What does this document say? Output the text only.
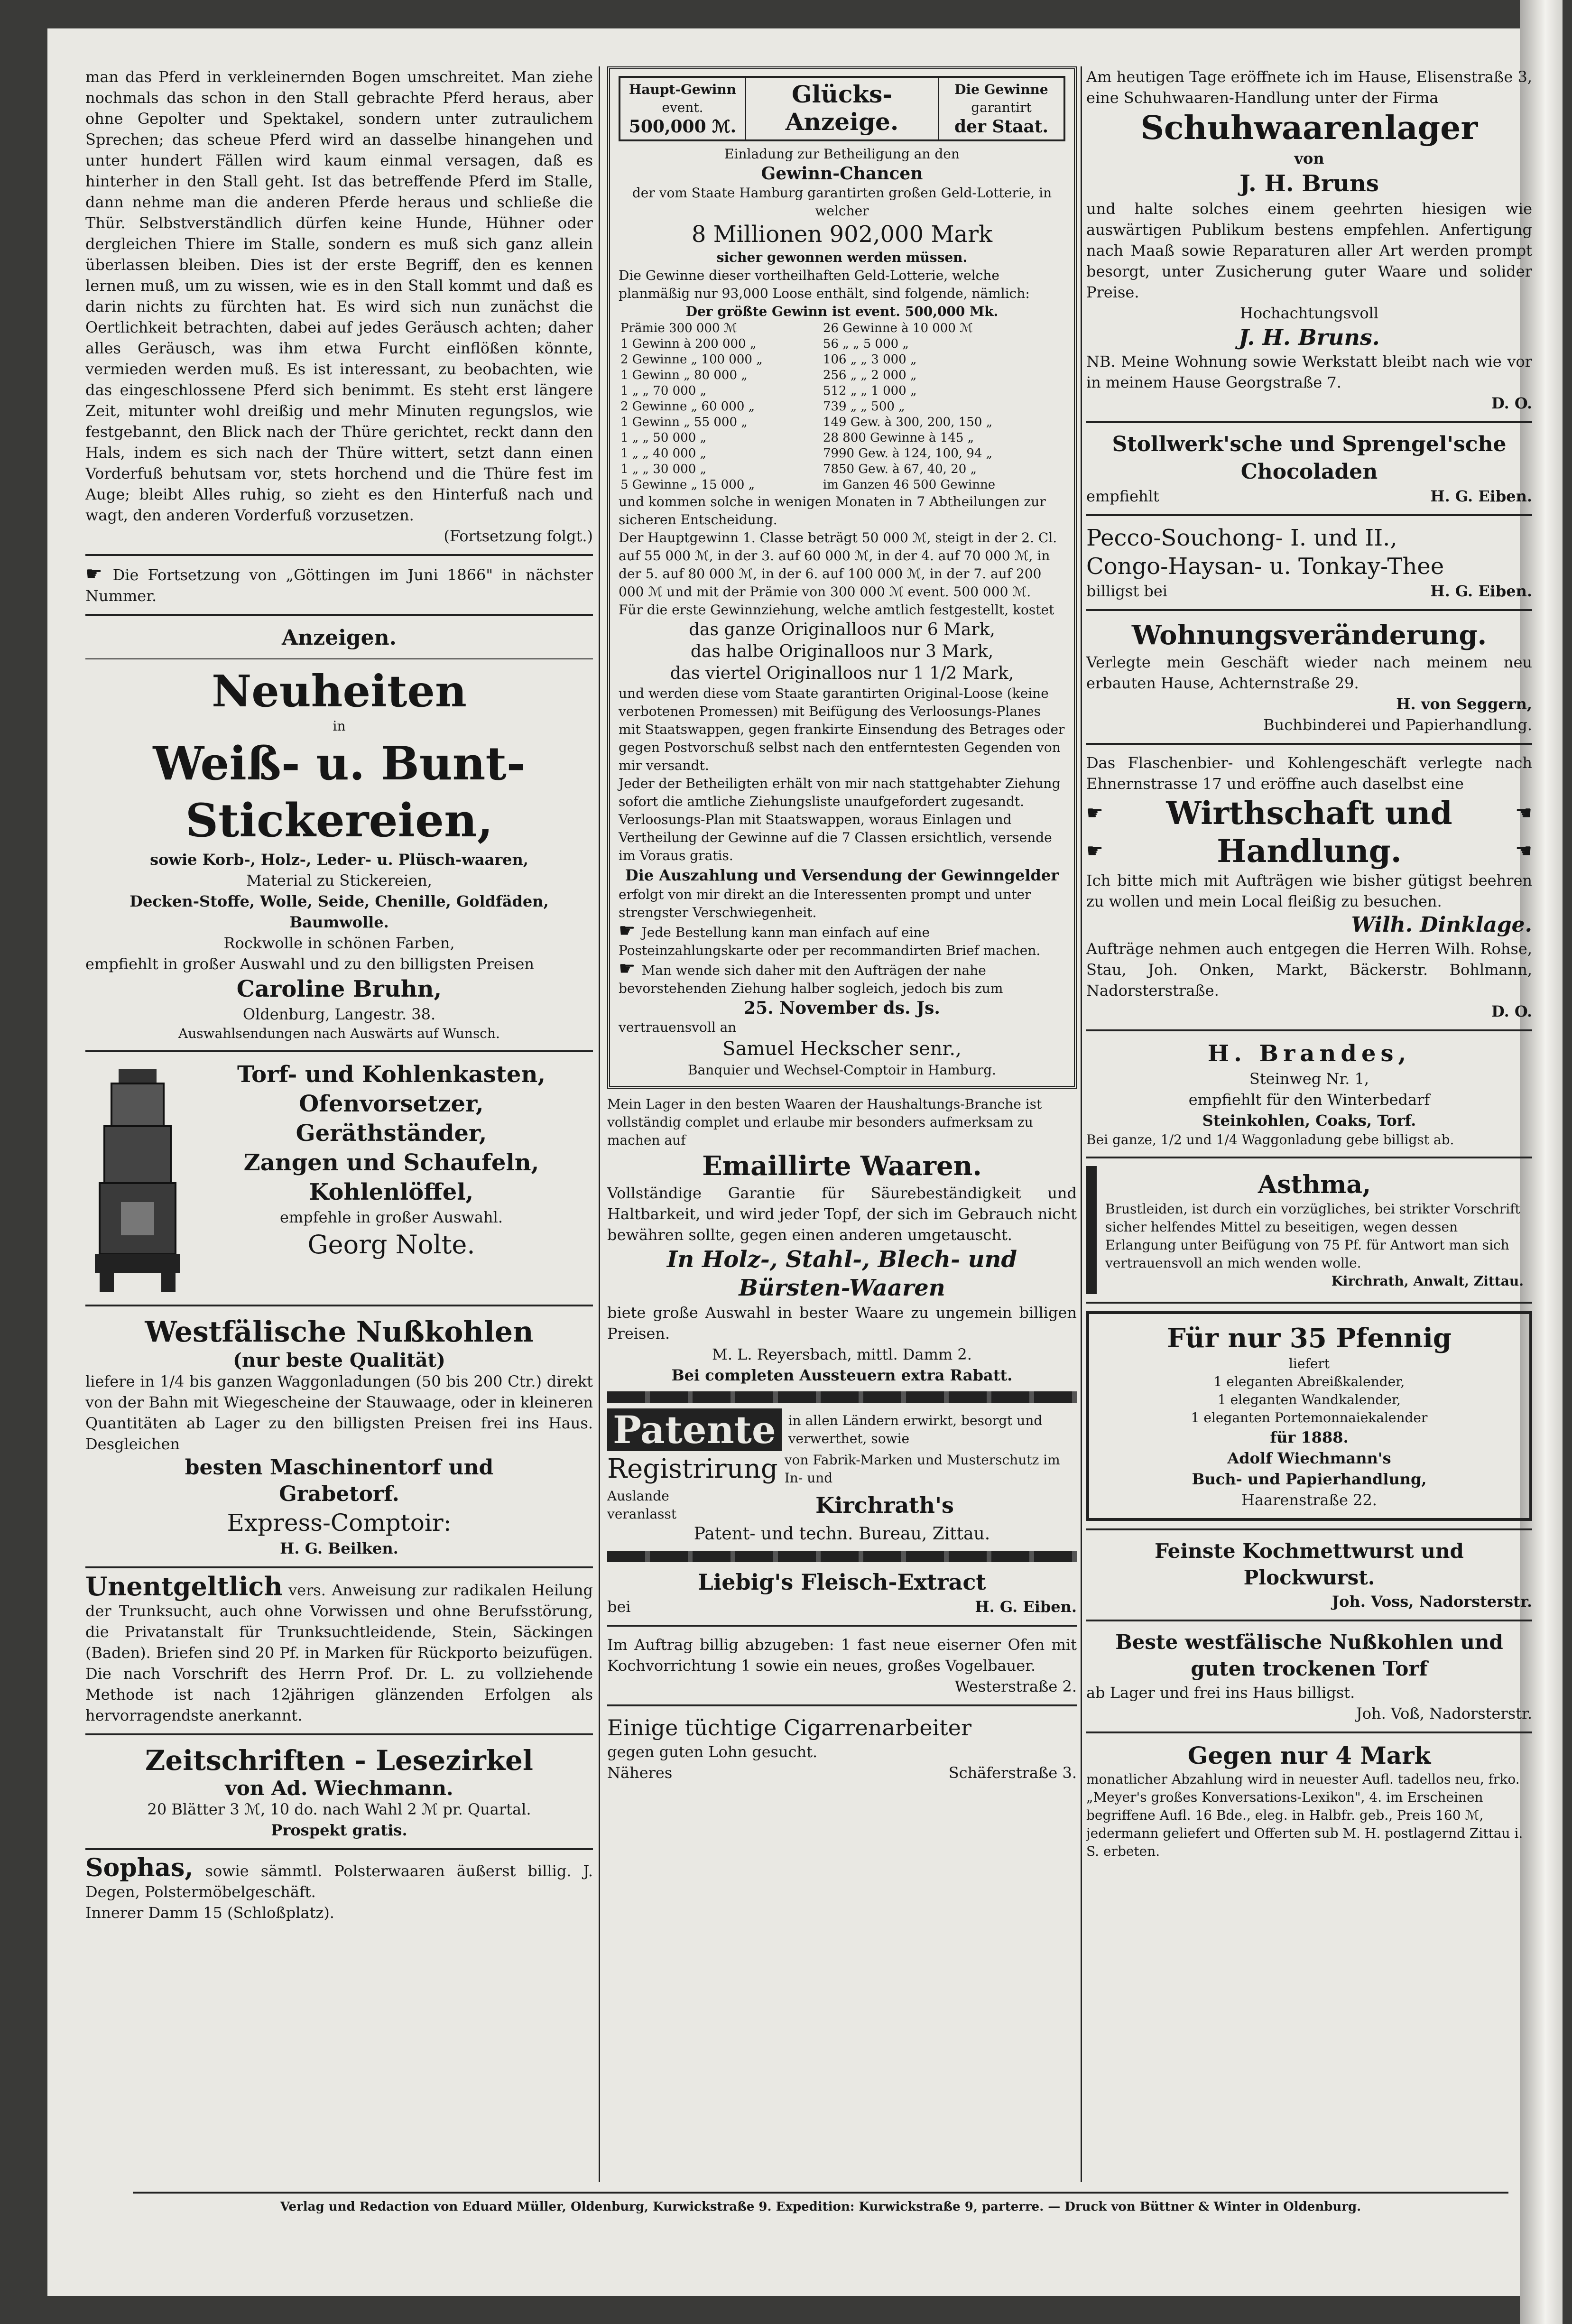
man das Pferd in verkleinernden Bogen umschreitet. Man ziehe nochmals das schon in den Stall gebrachte Pferd heraus, aber ohne Gepolter und Spektakel, sondern unter zutraulichem Sprechen; das scheue Pferd wird an dasselbe hinangehen und unter hundert Fällen wird kaum einmal versagen, daß es hinterher in den Stall geht. Ist das betreffende Pferd im Stalle, dann nehme man die anderen Pferde heraus und schließe die Thür. Selbstverständlich dürfen keine Hunde, Hühner oder dergleichen Thiere im Stalle, sondern es muß sich ganz allein überlassen bleiben. Dies ist der erste Begriff, den es kennen lernen muß, um zu wissen, wie es in den Stall kommt und daß es darin nichts zu fürchten hat. Es wird sich nun zunächst die Oertlichkeit betrachten, dabei auf jedes Geräusch achten; daher alles Geräusch, was ihm etwa Furcht einflößen könnte, vermieden werden muß. Es ist interessant, zu beobachten, wie das eingeschlossene Pferd sich benimmt. Es steht erst längere Zeit, mitunter wohl dreißig und mehr Minuten regungslos, wie festgebannt, den Blick nach der Thüre gerichtet, reckt dann den Hals, indem es sich nach der Thüre wittert, setzt dann einen Vorderfuß behutsam vor, stets horchend und die Thüre fest im Auge; bleibt Alles ruhig, so zieht es den Hinterfuß nach und wagt, den anderen Vorderfuß vorzusetzen.

(Fortsetzung folgt.)

☛ Die Fortsetzung von „Göttingen im Juni 1866" in nächster Nummer.

Anzeigen.

Neuheiten

in

Weiß- u. Bunt-

Stickereien,

sowie Korb-, Holz-, Leder- u. Plüsch-waaren,

Material zu Stickereien,

Decken-Stoffe, Wolle, Seide, Chenille, Goldfäden, Baumwolle.

Rockwolle in schönen Farben,

empfiehlt in großer Auswahl und zu den billigsten Preisen

Caroline Bruhn,

Oldenburg, Langestr. 38.

Auswahlsendungen nach Auswärts auf Wunsch.

Torf- und Kohlenkasten,

Ofenvorsetzer,

Geräthständer,

Zangen und Schaufeln,

Kohlenlöffel,

empfehle in großer Auswahl.

Georg Nolte.

Westfälische Nußkohlen

(nur beste Qualität)

liefere in 1/4 bis ganzen Waggonladungen (50 bis 200 Ctr.) direkt von der Bahn mit Wiegescheine der Stauwaage, oder in kleineren Quantitäten ab Lager zu den billigsten Preisen frei ins Haus. Desgleichen

besten Maschinentorf und

Grabetorf.

Express-Comptoir:

H. G. Beilken.

Unentgeltlich vers. Anweisung zur radikalen Heilung der Trunksucht, auch ohne Vorwissen und ohne Berufsstörung, die Privatanstalt für Trunksuchtleidende, Stein, Säckingen (Baden). Briefen sind 20 Pf. in Marken für Rückporto beizufügen. Die nach Vorschrift des Herrn Prof. Dr. L. zu vollziehende Methode ist nach 12jährigen glänzenden Erfolgen als hervorragendste anerkannt.

Zeitschriften - Lesezirkel

von Ad. Wiechmann.

20 Blätter 3 ℳ, 10 do. nach Wahl 2 ℳ pr. Quartal.

Prospekt gratis.

Sophas, sowie sämmtl. Polsterwaaren äußerst billig. J. Degen, Polstermöbelgeschäft.

Innerer Damm 15 (Schloßplatz).

Haupt-Gewinn

event.

500,000 ℳ.

Glücks-

Anzeige.

Die Gewinne

garantirt

der Staat.

Einladung zur Betheiligung an den

Gewinn-Chancen

der vom Staate Hamburg garantirten großen Geld-Lotterie, in welcher

8 Millionen 902,000 Mark

sicher gewonnen werden müssen.

Die Gewinne dieser vortheilhaften Geld-Lotterie, welche planmäßig nur 93,000 Loose enthält, sind folgende, nämlich:

Der größte Gewinn ist event. 500,000 Mk.

Prämie 300 000 ℳ	26 Gewinne à 10 000 ℳ
1 Gewinn à 200 000 „	56 „ „ 5 000 „
2 Gewinne „ 100 000 „	106 „ „ 3 000 „
1 Gewinn „ 80 000 „	256 „ „ 2 000 „
1 „ „ 70 000 „	512 „ „ 1 000 „
2 Gewinne „ 60 000 „	739 „ „ 500 „
1 Gewinn „ 55 000 „	149 Gew. à 300, 200, 150 „
1 „ „ 50 000 „	28 800 Gewinne à 145 „
1 „ „ 40 000 „	7990 Gew. à 124, 100, 94 „
1 „ „ 30 000 „	7850 Gew. à 67, 40, 20 „
5 Gewinne „ 15 000 „	im Ganzen 46 500 Gewinne

und kommen solche in wenigen Monaten in 7 Abtheilungen zur sicheren Entscheidung.

Der Hauptgewinn 1. Classe beträgt 50 000 ℳ, steigt in der 2. Cl. auf 55 000 ℳ, in der 3. auf 60 000 ℳ, in der 4. auf 70 000 ℳ, in der 5. auf 80 000 ℳ, in der 6. auf 100 000 ℳ, in der 7. auf 200 000 ℳ und mit der Prämie von 300 000 ℳ event. 500 000 ℳ.

Für die erste Gewinnziehung, welche amtlich festgestellt, kostet

das ganze Originalloos nur 6 Mark,

das halbe Originalloos nur 3 Mark,

das viertel Originalloos nur 1 1/2 Mark,

und werden diese vom Staate garantirten Original-Loose (keine verbotenen Promessen) mit Beifügung des Verloosungs-Planes mit Staatswappen, gegen frankirte Einsendung des Betrages oder gegen Postvorschuß selbst nach den entferntesten Gegenden von mir versandt.

Jeder der Betheiligten erhält von mir nach stattgehabter Ziehung sofort die amtliche Ziehungsliste unaufgefordert zugesandt.

Verloosungs-Plan mit Staatswappen, woraus Einlagen und Vertheilung der Gewinne auf die 7 Classen ersichtlich, versende im Voraus gratis.

Die Auszahlung und Versendung der Gewinngelder

erfolgt von mir direkt an die Interessenten prompt und unter strengster Verschwiegenheit.

☛ Jede Bestellung kann man einfach auf eine Posteinzahlungskarte oder per recommandirten Brief machen.

☛ Man wende sich daher mit den Aufträgen der nahe bevorstehenden Ziehung halber sogleich, jedoch bis zum

25. November ds. Js.

vertrauensvoll an

Samuel Heckscher senr.,

Banquier und Wechsel-Comptoir in Hamburg.

Mein Lager in den besten Waaren der Haushaltungs-Branche ist vollständig complet und erlaube mir besonders aufmerksam zu machen auf

Emaillirte Waaren.

Vollständige Garantie für Säurebeständigkeit und Haltbarkeit, und wird jeder Topf, der sich im Gebrauch nicht bewähren sollte, gegen einen anderen umgetauscht.

In Holz-, Stahl-, Blech- und Bürsten-Waaren

biete große Auswahl in bester Waare zu ungemein billigen Preisen.

M. L. Reyersbach, mittl. Damm 2.

Bei completen Aussteuern extra Rabatt.

Patente in allen Ländern erwirkt, besorgt und verwerthet, sowie

Registrirung von Fabrik-Marken und Musterschutz im In- und

Auslande veranlasst	Kirchrath's

Patent- und techn. Bureau, Zittau.

Liebig's Fleisch-Extract

bei	H. G. Eiben.

Im Auftrag billig abzugeben: 1 fast neue eiserner Ofen mit Kochvorrichtung 1 sowie ein neues, großes Vogelbauer.

Westerstraße 2.

Einige tüchtige Cigarrenarbeiter

gegen guten Lohn gesucht.

Näheres	Schäferstraße 3.

Am heutigen Tage eröffnete ich im Hause, Elisenstraße 3, eine Schuhwaaren-Handlung unter der Firma

Schuhwaarenlager

von

J. H. Bruns

und halte solches einem geehrten hiesigen wie auswärtigen Publikum bestens empfehlen. Anfertigung nach Maaß sowie Reparaturen aller Art werden prompt besorgt, unter Zusicherung guter Waare und solider Preise.

Hochachtungsvoll

J. H. Bruns.

NB. Meine Wohnung sowie Werkstatt bleibt nach wie vor in meinem Hause Georgstraße 7.

D. O.

Stollwerk'sche und Sprengel'sche Chocoladen

empfiehlt	H. G. Eiben.

Pecco-Souchong- I. und II.,

Congo-Haysan- u. Tonkay-Thee

billigst bei	H. G. Eiben.

Wohnungsveränderung.

Verlegte mein Geschäft wieder nach meinem neu erbauten Hause, Achternstraße 29.

H. von Seggern,

Buchbinderei und Papierhandlung.

Das Flaschenbier- und Kohlengeschäft verlegte nach Ehnernstrasse 17 und eröffne auch daselbst eine

☛ Wirthschaft und	☚
☛	Handlung.	☚

Ich bitte mich mit Aufträgen wie bisher gütigst beehren zu wollen und mein Local fleißig zu besuchen.

Wilh. Dinklage.

Aufträge nehmen auch entgegen die Herren Wilh. Rohse, Stau, Joh. Onken, Markt, Bäckerstr. Bohlmann, Nadorsterstraße.

D. O.

H. Brandes,

Steinweg Nr. 1,

empfiehlt für den Winterbedarf

Steinkohlen, Coaks, Torf.

Bei ganze, 1/2 und 1/4 Waggonladung gebe billigst ab.

Asthma,

Brustleiden, ist durch ein vorzügliches, bei strikter Vorschrift sicher helfendes Mittel zu beseitigen, wegen dessen Erlangung unter Beifügung von 75 Pf. für Antwort man sich vertrauensvoll an mich wenden wolle.

Kirchrath, Anwalt, Zittau.

Für nur 35 Pfennig

liefert

1 eleganten Abreißkalender,

1 eleganten Wandkalender,

1 eleganten Portemonnaiekalender

für 1888.

Adolf Wiechmann's

Buch- und Papierhandlung,

Haarenstraße 22.

Feinste Kochmettwurst und Plockwurst.

Joh. Voss, Nadorsterstr.

Beste westfälische Nußkohlen und guten trockenen Torf

ab Lager und frei ins Haus billigst.

Joh. Voß, Nadorsterstr.

Gegen nur 4 Mark

monatlicher Abzahlung wird in neuester Aufl. tadellos neu, frko. „Meyer's großes Konversations-Lexikon", 4. im Erscheinen begriffene Aufl. 16 Bde., eleg. in Halbfr. geb., Preis 160 ℳ, jedermann geliefert und Offerten sub M. H. postlagernd Zittau i. S. erbeten.

Verlag und Redaction von Eduard Müller, Oldenburg, Kurwickstraße 9. Expedition: Kurwickstraße 9, parterre. — Druck von Büttner & Winter in Oldenburg.
